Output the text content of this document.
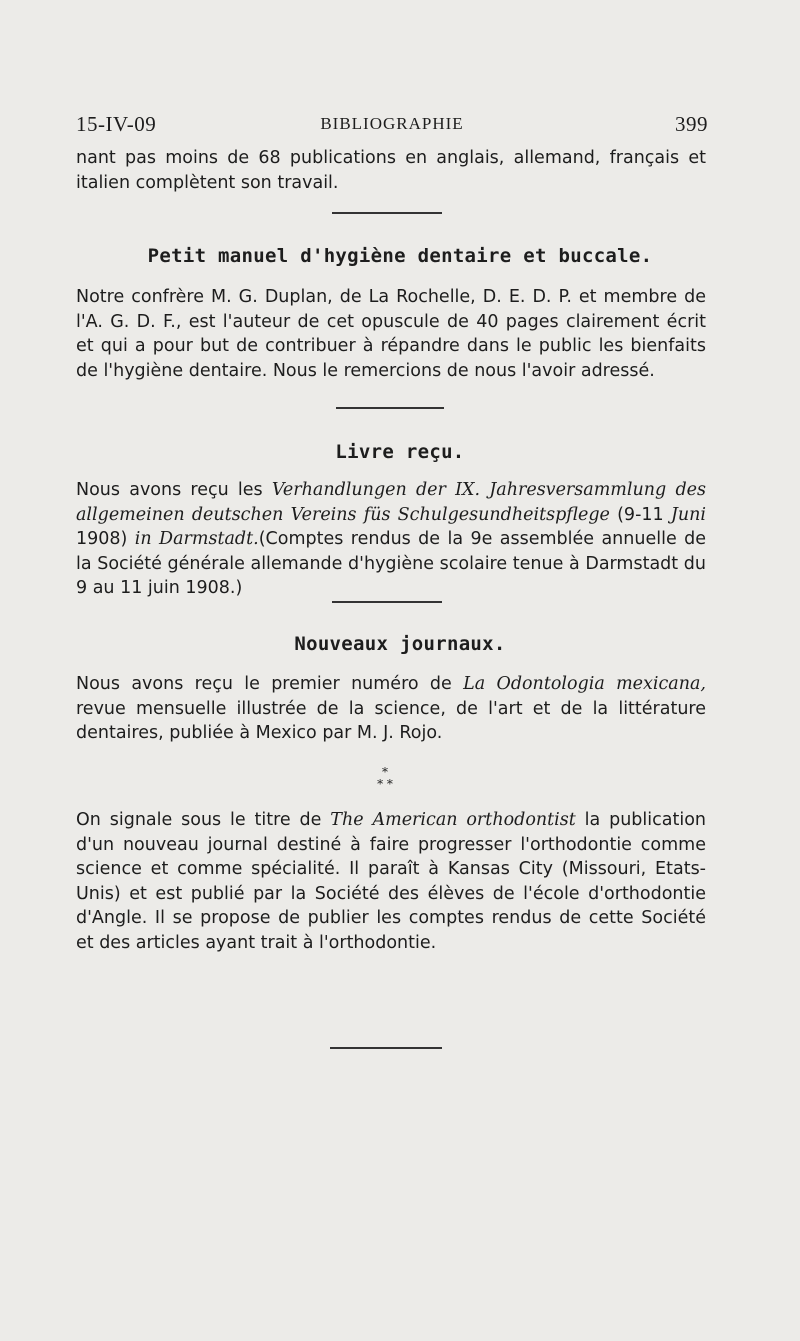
15-IV-09	BIBLIOGRAPHIE	399
nant pas moins de 68 publications en anglais, allemand, français et italien complètent son travail.
Petit manuel d'hygiène dentaire et buccale.
Notre confrère M. G. Duplan, de La Rochelle, D. E. D. P. et membre de l'A. G. D. F., est l'auteur de cet opuscule de 40 pages clairement écrit et qui a pour but de contribuer à répandre dans le public les bienfaits de l'hygiène dentaire. Nous le remercions de nous l'avoir adressé.
Livre reçu.
Nous avons reçu les Verhandlungen der IX. Jahresversammlung des allgemeinen deutschen Vereins füs Schulgesundheitspflege (9-11 Juni 1908) in Darmstadt.(Comptes rendus de la 9e assemblée annuelle de la Société générale allemande d'hygiène scolaire tenue à Darmstadt du 9 au 11 juin 1908.)
Nouveaux journaux.
Nous avons reçu le premier numéro de La Odontologia mexicana, revue mensuelle illustrée de la science, de l'art et de la littérature dentaires, publiée à Mexico par M. J. Rojo.
*
* *
On signale sous le titre de The American orthodontist la publication d'un nouveau journal destiné à faire progresser l'orthodontie comme science et comme spécialité. Il paraît à Kansas City (Missouri, Etats-Unis) et est publié par la Société des élèves de l'école d'orthodontie d'Angle. Il se propose de publier les comptes rendus de cette Société et des articles ayant trait à l'orthodontie.
